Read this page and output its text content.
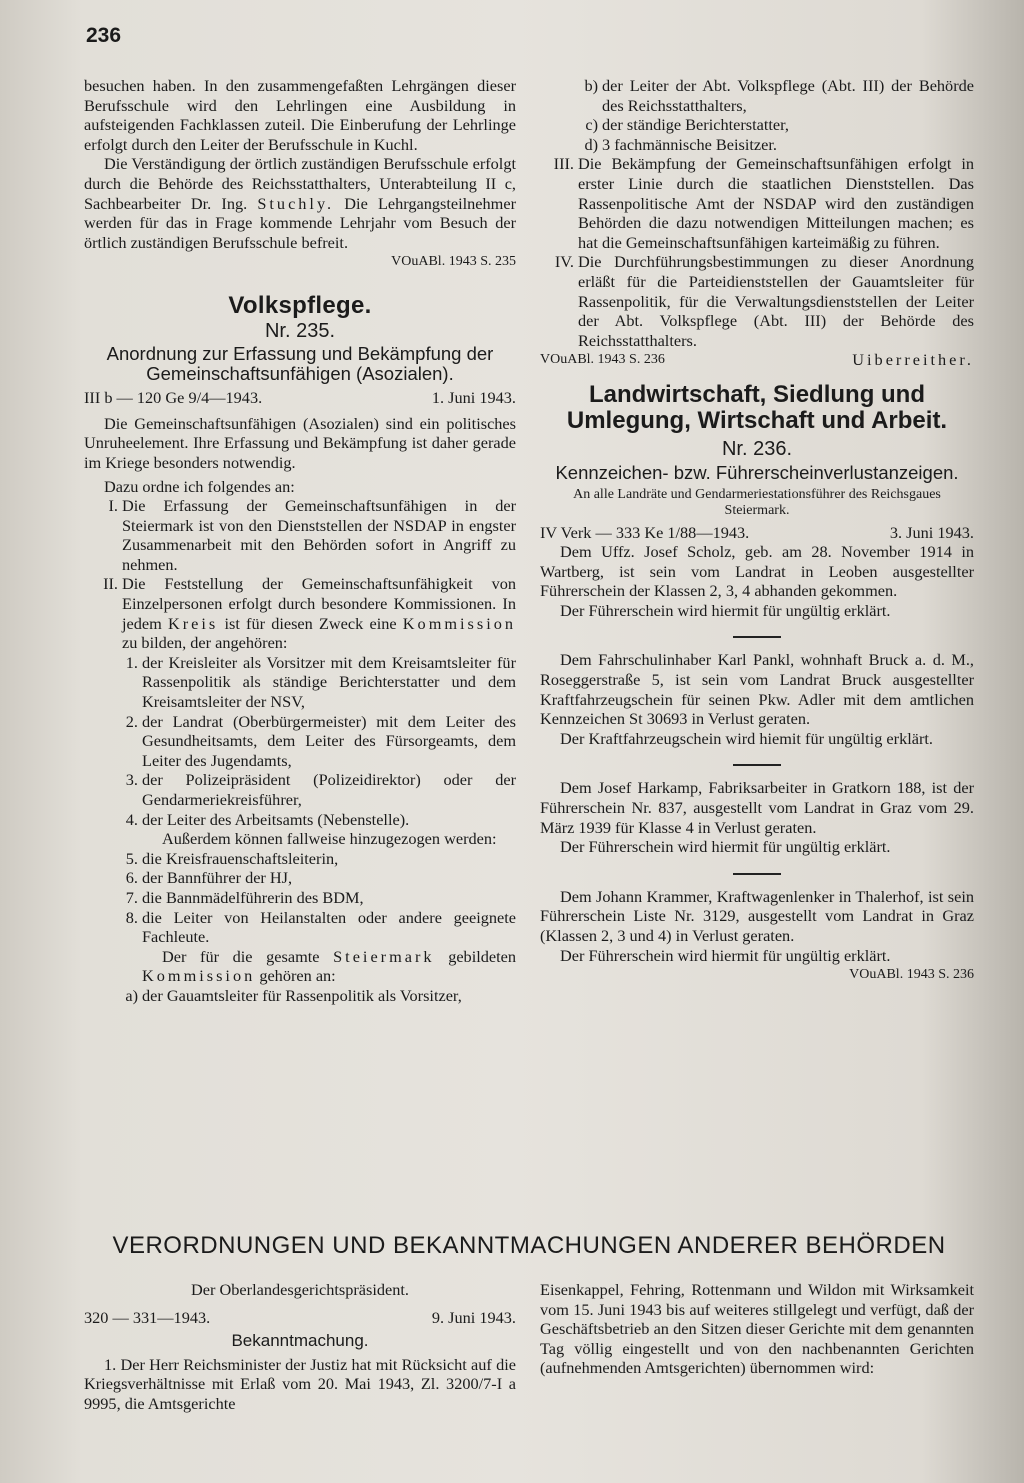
236

besuchen haben. In den zusammengefaßten Lehrgängen dieser Berufsschule wird den Lehrlingen eine Ausbildung in aufsteigenden Fachklassen zuteil. Die Einberufung der Lehrlinge erfolgt durch den Leiter der Berufsschule in Kuchl.

Die Verständigung der örtlich zuständigen Berufsschule erfolgt durch die Behörde des Reichsstatthalters, Unterabteilung II c, Sachbearbeiter Dr. Ing. Stuchly. Die Lehrgangsteilnehmer werden für das in Frage kommende Lehrjahr vom Besuch der örtlich zuständigen Berufsschule befreit.

VOuABl. 1943 S. 235

Volkspflege.
Nr. 235.
Anordnung zur Erfassung und Bekämpfung der Gemeinschaftsunfähigen (Asozialen).
III b — 120 Ge 9/4—1943.	1. Juni 1943.

Die Gemeinschaftsunfähigen (Asozialen) sind ein politisches Unruheelement. Ihre Erfassung und Bekämpfung ist daher gerade im Kriege besonders notwendig.

Dazu ordne ich folgendes an:

I. Die Erfassung der Gemeinschaftsunfähigen in der Steiermark ist von den Dienststellen der NSDAP in engster Zusammenarbeit mit den Behörden sofort in Angriff zu nehmen.
II. Die Feststellung der Gemeinschaftsunfähigkeit von Einzelpersonen erfolgt durch besondere Kommissionen. In jedem Kreis ist für diesen Zweck eine Kommission zu bilden, der angehören:
1. der Kreisleiter als Vorsitzer mit dem Kreisamtsleiter für Rassenpolitik als ständige Berichterstatter und dem Kreisamtsleiter der NSV,
2. der Landrat (Oberbürgermeister) mit dem Leiter des Gesundheitsamts, dem Leiter des Fürsorgeamts, dem Leiter des Jugendamts,
3. der Polizeipräsident (Polizeidirektor) oder der Gendarmeriekreisführer,
4. der Leiter des Arbeitsamts (Nebenstelle).

Außerdem können fallweise hinzugezogen werden:

5. die Kreisfrauenschaftsleiterin,
6. der Bannführer der HJ,
7. die Bannmädelführerin des BDM,
8. die Leiter von Heilanstalten oder andere geeignete Fachleute.

Der für die gesamte Steiermark gebildeten Kommission gehören an:

a) der Gauamtsleiter für Rassenpolitik als Vorsitzer,
b) der Leiter der Abt. Volkspflege (Abt. III) der Behörde des Reichsstatthalters,
c) der ständige Berichterstatter,
d) 3 fachmännische Beisitzer.
III. Die Bekämpfung der Gemeinschaftsunfähigen erfolgt in erster Linie durch die staatlichen Dienststellen. Das Rassenpolitische Amt der NSDAP wird den zuständigen Behörden die dazu notwendigen Mitteilungen machen; es hat die Gemeinschaftsunfähigen karteimäßig zu führen.
IV. Die Durchführungsbestimmungen zu dieser Anordnung erläßt für die Parteidienststellen der Gauamtsleiter für Rassenpolitik, für die Verwaltungsdienststellen der Leiter der Abt. Volkspflege (Abt. III) der Behörde des Reichsstatthalters.
VOuABl. 1943 S. 236	Uiberreither.
Landwirtschaft, Siedlung und Umlegung, Wirtschaft und Arbeit.
Nr. 236.
Kennzeichen- bzw. Führerscheinverlustanzeigen.
An alle Landräte und Gendarmeriestationsführer des Reichsgaues Steiermark.
IV Verk — 333 Ke 1/88—1943.	3. Juni 1943.

Dem Uffz. Josef Scholz, geb. am 28. November 1914 in Wartberg, ist sein vom Landrat in Leoben ausgestellter Führerschein der Klassen 2, 3, 4 abhanden gekommen.

Der Führerschein wird hiermit für ungültig erklärt.

Dem Fahrschulinhaber Karl Pankl, wohnhaft Bruck a. d. M., Roseggerstraße 5, ist sein vom Landrat Bruck ausgestellter Kraftfahrzeugschein für seinen Pkw. Adler mit dem amtlichen Kennzeichen St 30693 in Verlust geraten.

Der Kraftfahrzeugschein wird hiemit für ungültig erklärt.

Dem Josef Harkamp, Fabriksarbeiter in Gratkorn 188, ist der Führerschein Nr. 837, ausgestellt vom Landrat in Graz vom 29. März 1939 für Klasse 4 in Verlust geraten.

Der Führerschein wird hiermit für ungültig erklärt.

Dem Johann Krammer, Kraftwagenlenker in Thalerhof, ist sein Führerschein Liste Nr. 3129, ausgestellt vom Landrat in Graz (Klassen 2, 3 und 4) in Verlust geraten.

Der Führerschein wird hiermit für ungültig erklärt.

VOuABl. 1943 S. 236

VERORDNUNGEN UND BEKANNTMACHUNGEN ANDERER BEHÖRDEN
Der Oberlandesgerichtspräsident.
320 — 331—1943.	9. Juni 1943.
Bekanntmachung.

1. Der Herr Reichsminister der Justiz hat mit Rücksicht auf die Kriegsverhältnisse mit Erlaß vom 20. Mai 1943, Zl. 3200/7-I a 9995, die Amtsgerichte

Eisenkappel, Fehring, Rottenmann und Wildon mit Wirksamkeit vom 15. Juni 1943 bis auf weiteres stillgelegt und verfügt, daß der Geschäftsbetrieb an den Sitzen dieser Gerichte mit dem genannten Tag völlig eingestellt und von den nachbenannten Gerichten (aufnehmenden Amtsgerichten) übernommen wird:
